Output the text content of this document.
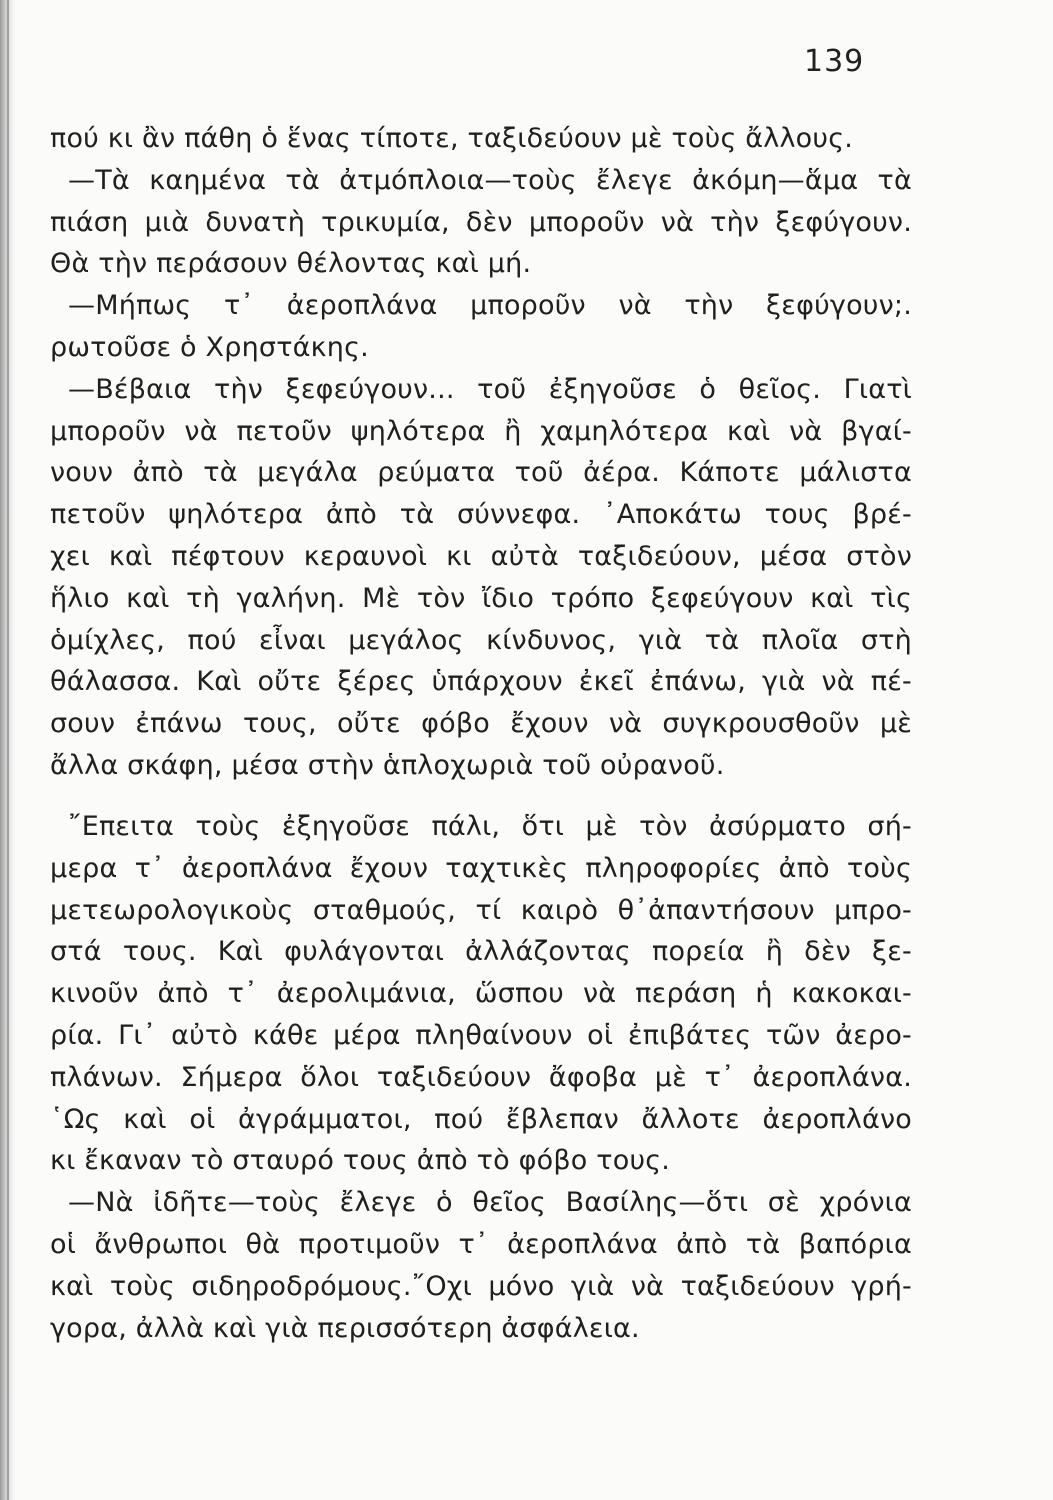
139
πού κι ἂν πάθη ὁ ἕνας τίποτε, ταξιδεύουν μὲ τοὺς ἄλλους.
—Τὰ καημένα τὰ ἀτμόπλοια—τοὺς ἔλεγε ἀκόμη—ἅμα τὰ
πιάση μιὰ δυνατὴ τρικυμία, δὲν μποροῦν νὰ τὴν ξεφύγουν.
Θὰ τὴν περάσουν θέλοντας καὶ μή.
—Μήπως τ᾽ ἀεροπλάνα μποροῦν νὰ τὴν ξεφύγουν;.
ρωτοῦσε ὁ Χρηστάκης.
—Βέβαια τὴν ξεφεύγουν... τοῦ ἐξηγοῦσε ὁ θεῖος. Γιατὶ
μποροῦν νὰ πετοῦν ψηλότερα ἢ χαμηλότερα καὶ νὰ βγαί-
νουν ἀπὸ τὰ μεγάλα ρεύματα τοῦ ἀέρα. Κάποτε μάλιστα
πετοῦν ψηλότερα ἀπὸ τὰ σύννεφα. ᾽Αποκάτω τους βρέ-
χει καὶ πέφτουν κεραυνοὶ κι αὐτὰ ταξιδεύουν, μέσα στὸν
ἥλιο καὶ τὴ γαλήνη. Μὲ τὸν ἴδιο τρόπο ξεφεύγουν καὶ τὶς
ὁμίχλες, πού εἶναι μεγάλος κίνδυνος, γιὰ τὰ πλοῖα στὴ
θάλασσα. Καὶ οὔτε ξέρες ὑπάρχουν ἐκεῖ ἐπάνω, γιὰ νὰ πέ-
σουν ἐπάνω τους, οὔτε φόβο ἔχουν νὰ συγκρουσθοῦν μὲ
ἄλλα σκάφη, μέσα στὴν ἁπλοχωριὰ τοῦ οὐρανοῦ.
῎Επειτα τοὺς ἐξηγοῦσε πάλι, ὅτι μὲ τὸν ἀσύρματο σή-
μερα τ᾽ ἀεροπλάνα ἔχουν ταχτικὲς πληροφορίες ἀπὸ τοὺς
μετεωρολογικοὺς σταθμούς, τί καιρὸ θ᾽ἀπαντήσουν μπρο-
στά τους. Καὶ φυλάγονται ἀλλάζοντας πορεία ἢ δὲν ξε-
κινοῦν ἀπὸ τ᾽ ἀερολιμάνια, ὥσπου νὰ περάση ἡ κακοκαι-
ρία. Γι᾽ αὐτὸ κάθε μέρα πληθαίνουν οἱ ἐπιβάτες τῶν ἀερο-
πλάνων. Σήμερα ὅλοι ταξιδεύουν ἄφοβα μὲ τ᾽ ἀεροπλάνα.
῾Ως καὶ οἱ ἀγράμματοι, πού ἔβλεπαν ἄλλοτε ἀεροπλάνο
κι ἔκαναν τὸ σταυρό τους ἀπὸ τὸ φόβο τους.
—Νὰ ἰδῆτε—τοὺς ἔλεγε ὁ θεῖος Βασίλης—ὅτι σὲ χρόνια
οἱ ἄνθρωποι θὰ προτιμοῦν τ᾽ ἀεροπλάνα ἀπὸ τὰ βαπόρια
καὶ τοὺς σιδηροδρόμους.῎Οχι μόνο γιὰ νὰ ταξιδεύουν γρή-
γορα, ἀλλὰ καὶ γιὰ περισσότερη ἀσφάλεια.
